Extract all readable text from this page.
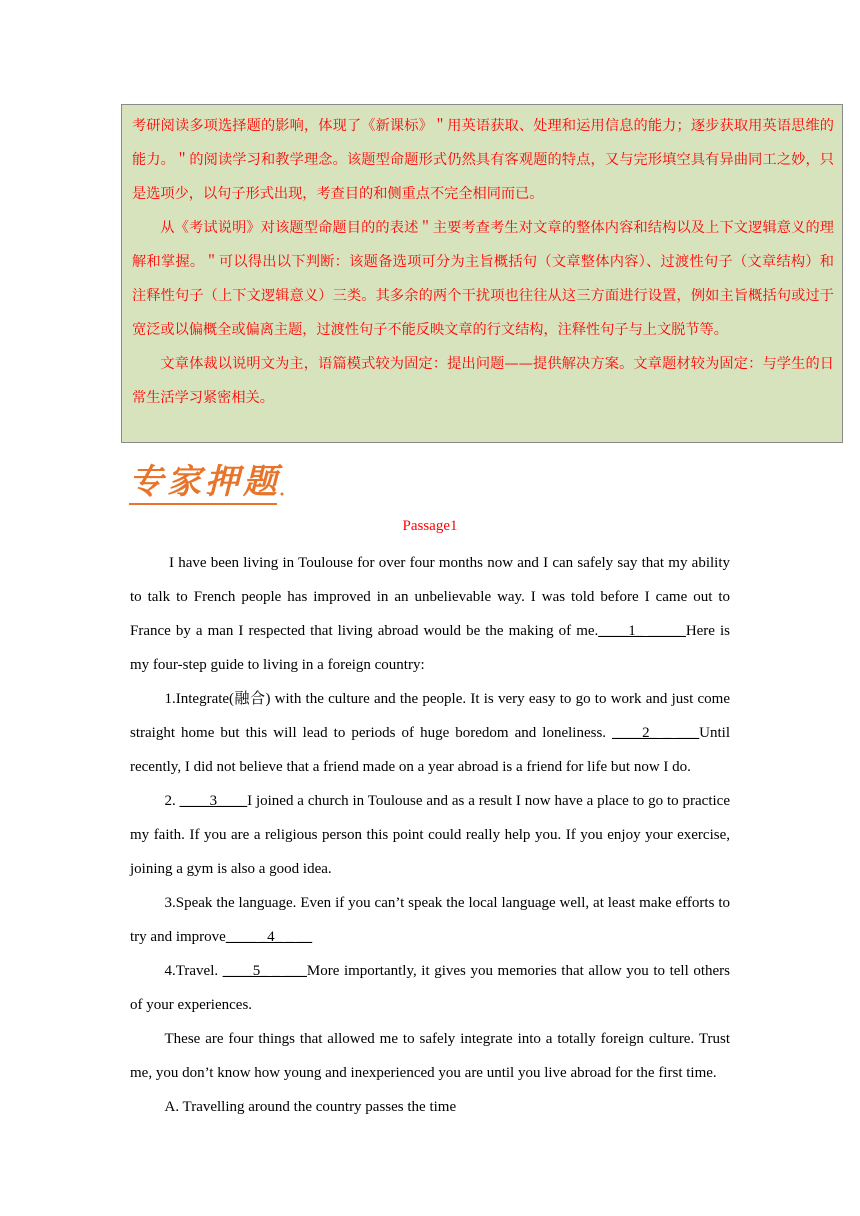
考研阅读多项选择题的影响，体现了《新课标》＂用英语获取、处理和运用信息的能力；逐步获取用英语思维的能力。＂的阅读学习和教学理念。该题型命题形式仍然具有客观题的特点，又与完形填空具有异曲同工之妙，只是选项少，以句子形式出现，考查目的和侧重点不完全相同而已。

从《考试说明》对该题型命题目的的表述＂主要考查考生对文章的整体内容和结构以及上下文逻辑意义的理解和掌握。＂可以得出以下判断：该题备选项可分为主旨概括句（文章整体内容）、过渡性句子（文章结构）和注释性句子（上下文逻辑意义）三类。其多余的两个干扰项也往往从这三方面进行设置，例如主旨概括句或过于宽泛或以偏概全或偏离主题，过渡性句子不能反映文章的行文结构，注释性句子与上文脱节等。

文章体裁以说明文为主，语篇模式较为固定：提出问题——提供解决方案。文章题材较为固定：与学生的日常生活学习紧密相关。

专家押题
Passage1

I have been living in Toulouse for over four months now and I can safely say that my ability to talk to French people has improved in an unbelievable way. I was told before I came out to France by a man I respected that living abroad would be the making of me.____1_ _____Here is my four-step guide to living in a foreign country:

1.Integrate(融合) with the culture and the people. It is very easy to go to work and just come straight home but this will lead to periods of huge boredom and loneliness. ____2_ _ ___Until recently, I did not believe that a friend made on a year abroad is a friend for life but now I do.

2. ____3____I joined a church in Toulouse and as a result I now have a place to go to practice my faith. If you are a religious person this point could really help you. If you enjoy your exercise, joining a gym is also a good idea.

3.Speak the language. Even if you can’t speak the local language well, at least make efforts to try and improve____ _4_ _ __

4.Travel. ____5_ _ ___More importantly, it gives you memories that allow you to tell others of your experiences.

These are four things that allowed me to safely integrate into a totally foreign culture. Trust me, you don’t know how young and inexperienced you are until you live abroad for the first time.

A. Travelling around the country passes the time
